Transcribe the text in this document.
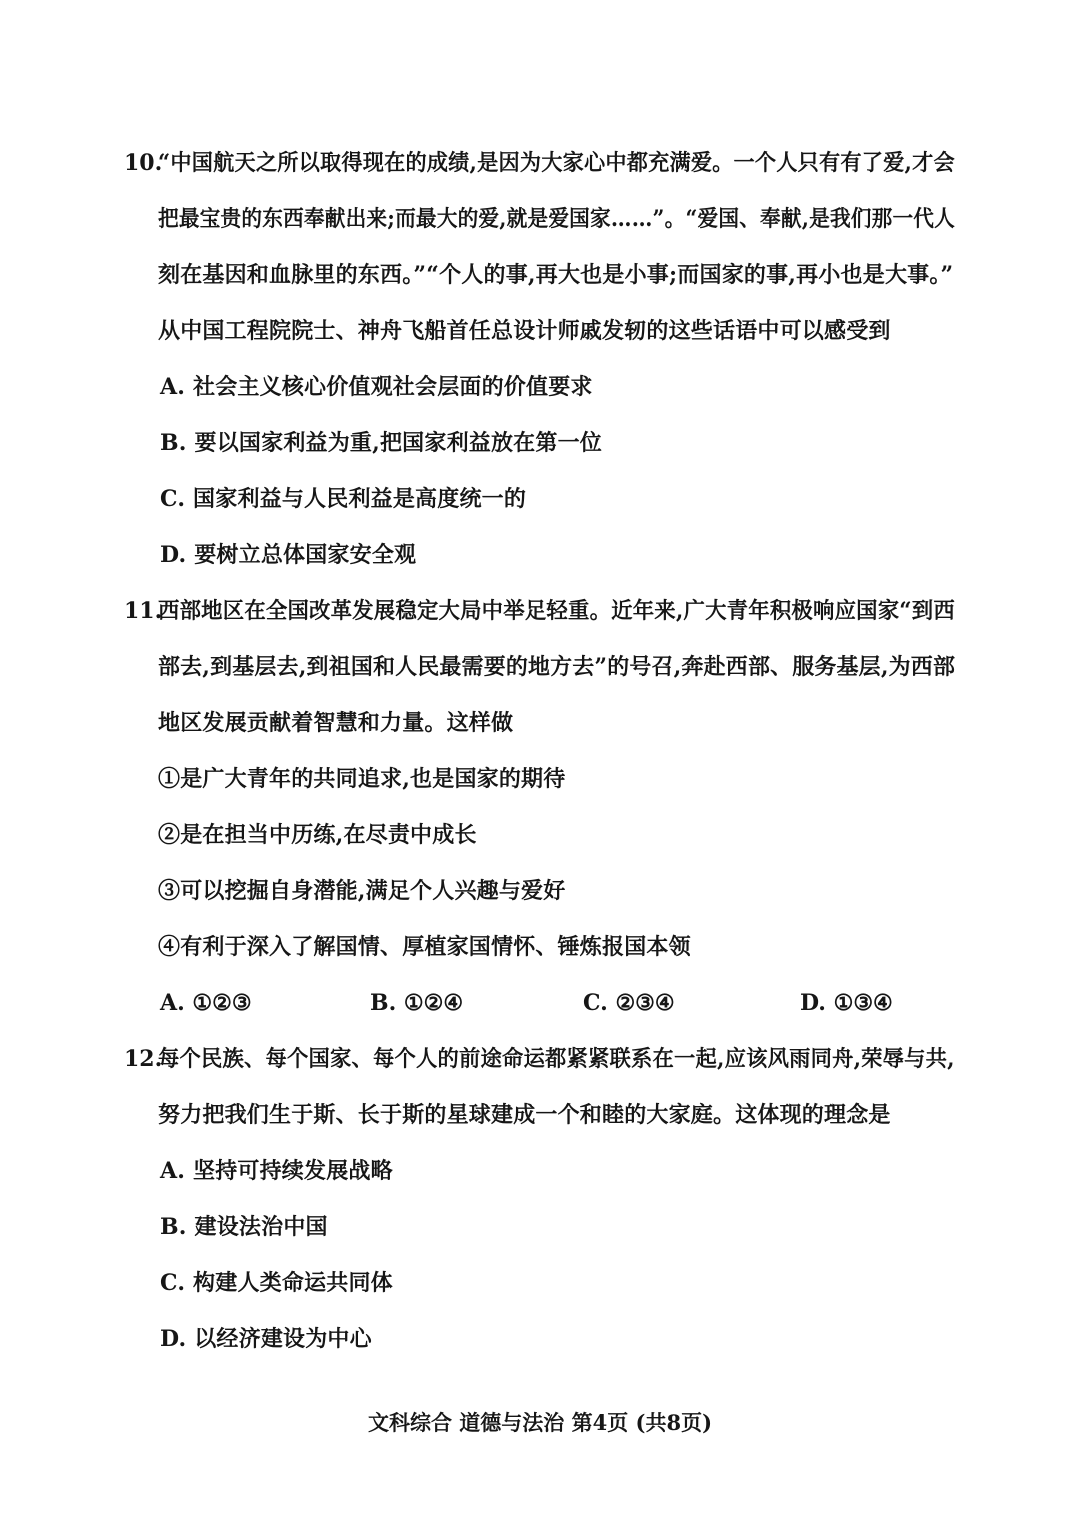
10.
“中国航天之所以取得现在的成绩,是因为大家心中都充满爱。一个人只有有了爱,才会
把最宝贵的东西奉献出来;而最大的爱,就是爱国家……”。“爱国、奉献,是我们那一代人
刻在基因和血脉里的东西。”“个人的事,再大也是小事;而国家的事,再小也是大事。”
从中国工程院院士、神舟飞船首任总设计师戚发轫的这些话语中可以感受到
A. 社会主义核心价值观社会层面的价值要求
B. 要以国家利益为重,把国家利益放在第一位
C. 国家利益与人民利益是高度统一的
D. 要树立总体国家安全观
11.
西部地区在全国改革发展稳定大局中举足轻重。近年来,广大青年积极响应国家“到西
部去,到基层去,到祖国和人民最需要的地方去”的号召,奔赴西部、服务基层,为西部
地区发展贡献着智慧和力量。这样做
①是广大青年的共同追求,也是国家的期待
②是在担当中历练,在尽责中成长
③可以挖掘自身潜能,满足个人兴趣与爱好
④有利于深入了解国情、厚植家国情怀、锤炼报国本领
A. ①②③	B. ①②④	C. ②③④	D. ①③④
12.
每个民族、每个国家、每个人的前途命运都紧紧联系在一起,应该风雨同舟,荣辱与共,
努力把我们生于斯、长于斯的星球建成一个和睦的大家庭。这体现的理念是
A. 坚持可持续发展战略
B. 建设法治中国
C. 构建人类命运共同体
D. 以经济建设为中心
文科综合 道德与法治 第4页 (共8页)
